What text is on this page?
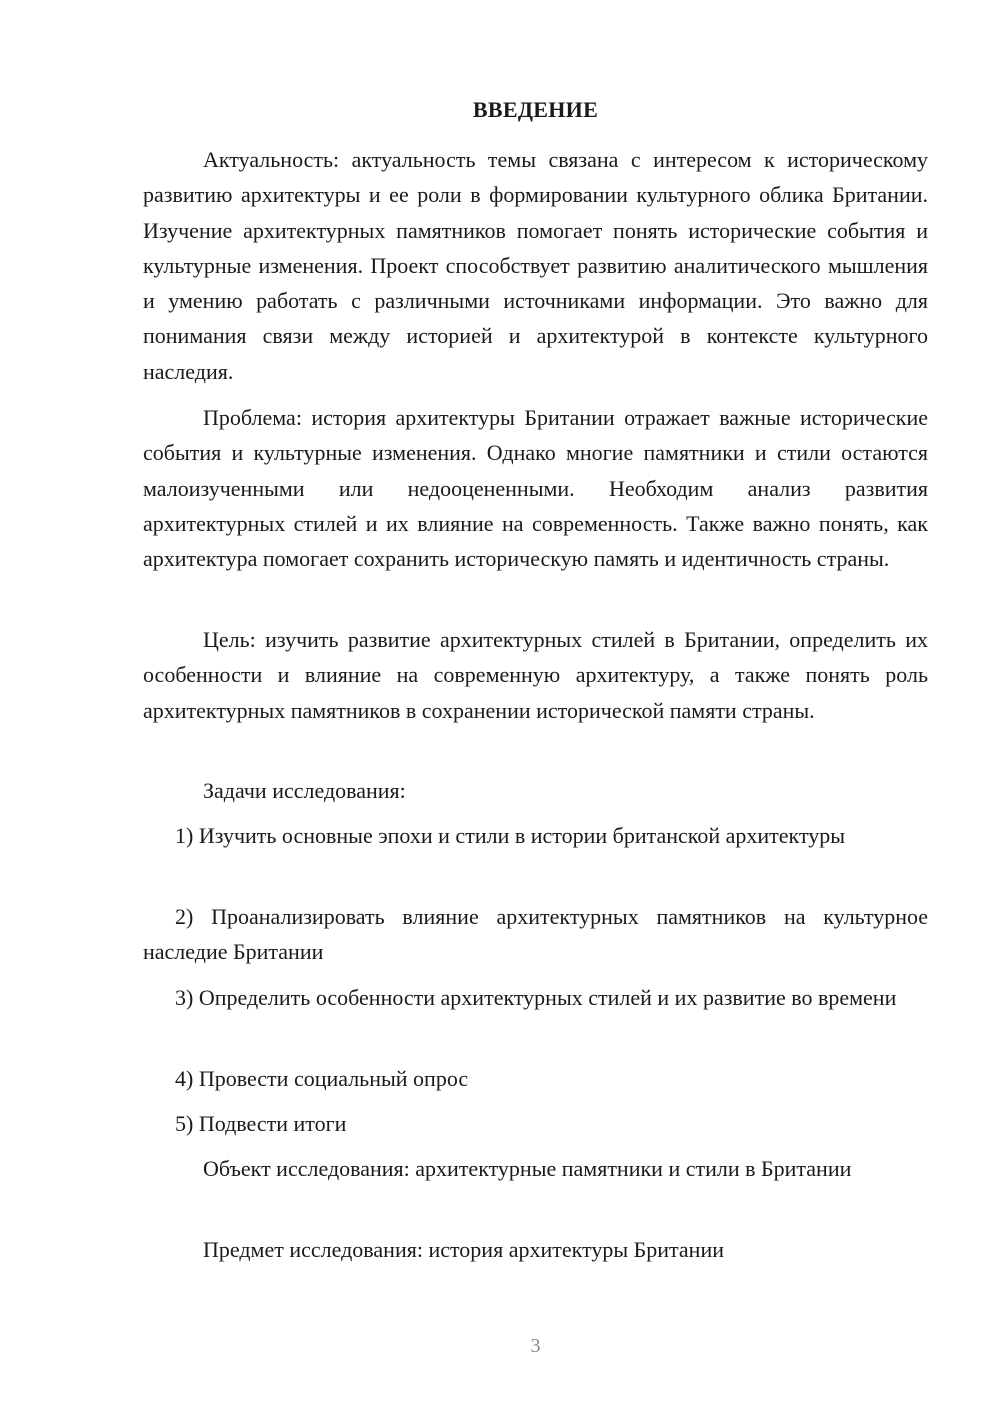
ВВЕДЕНИЕ

Актуальность: актуальность темы связана с интересом к историческому развитию архитектуры и ее роли в формировании культурного облика Британии. Изучение архитектурных памятников помогает понять исторические события и культурные изменения. Проект способствует развитию аналитического мышления и умению работать с различными источниками информации. Это важно для понимания связи между историей и архитектурой в контексте культурного наследия.

Проблема: история архитектуры Британии отражает важные исторические события и культурные изменения. Однако многие памятники и стили остаются малоизученными или недооцененными. Необходим анализ развития архитектурных стилей и их влияние на современность. Также важно понять, как архитектура помогает сохранить историческую память и идентичность страны.

Цель: изучить развитие архитектурных стилей в Британии, определить их особенности и влияние на современную архитектуру, а также понять роль архитектурных памятников в сохранении исторической памяти страны.

Задачи исследования:

1) Изучить основные эпохи и стили в истории британской архитектуры

2) Проанализировать влияние архитектурных памятников на культурное наследие Британии

3) Определить особенности архитектурных стилей и их развитие во времени

4) Провести социальный опрос

5) Подвести итоги

Объект исследования: архитектурные памятники и стили в Британии

Предмет исследования: история архитектуры Британии

3
